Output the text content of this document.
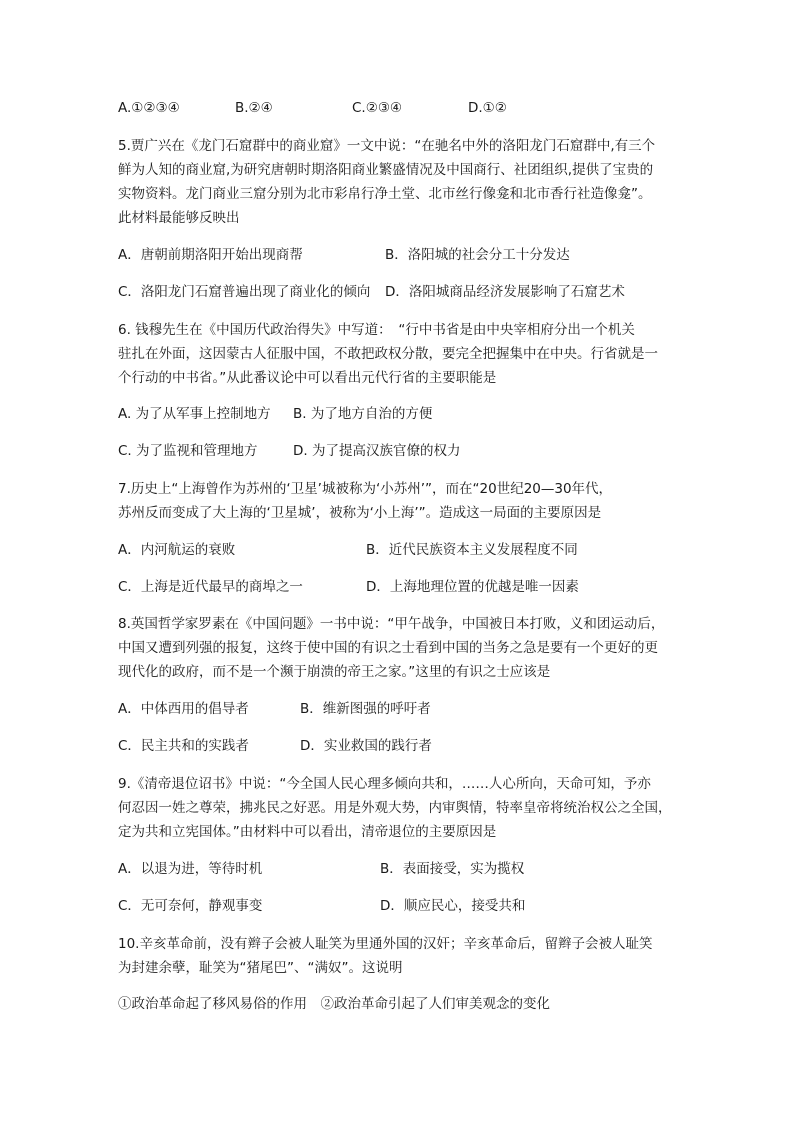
A.①②③④	B.②④	C.②③④	D.①②
5.贾广兴在《龙门石窟群中的商业窟》一文中说：“在驰名中外的洛阳龙门石窟群中,有三个
鲜为人知的商业窟,为研究唐朝时期洛阳商业繁盛情况及中国商行、社团组织,提供了宝贵的
实物资料。龙门商业三窟分别为北市彩帛行净土堂、北市丝行像龛和北市香行社造像龛”。
此材料最能够反映出
A．唐朝前期洛阳开始出现商帮	B．洛阳城的社会分工十分发达
C．洛阳龙门石窟普遍出现了商业化的倾向 D．洛阳城商品经济发展影响了石窟艺术
6. 钱穆先生在《中国历代政治得失》中写道：　“行中书省是由中央宰相府分出一个机关
驻扎在外面，这因蒙古人征服中国，不敢把政权分散，要完全把握集中在中央。行省就是一
个行动的中书省。”从此番议论中可以看出元代行省的主要职能是
A. 为了从军事上控制地方 B. 为了地方自治的方便
C. 为了监视和管理地方	D. 为了提高汉族官僚的权力
7.历史上“上海曾作为苏州的‘卫星’城被称为‘小苏州’”，而在“20世纪20—30年代，
苏州反而变成了大上海的‘卫星城’，被称为‘小上海’”。造成这一局面的主要原因是
A．内河航运的衰败	B．近代民族资本主义发展程度不同
C．上海是近代最早的商埠之一	D．上海地理位置的优越是唯一因素
8.英国哲学家罗素在《中国问题》一书中说：“甲午战争，中国被日本打败，义和团运动后，
中国又遭到列强的报复，这终于使中国的有识之士看到中国的当务之急是要有一个更好的更
现代化的政府，而不是一个濒于崩溃的帝王之家。”这里的有识之士应该是
A．中体西用的倡导者	B．维新图强的呼吁者
C．民主共和的实践者	D．实业救国的践行者
9.《清帝退位诏书》中说：“今全国人民心理多倾向共和，……人心所向，天命可知，予亦
何忍因一姓之尊荣，拂兆民之好恶。用是外观大势，内审舆情，特率皇帝将统治权公之全国，
定为共和立宪国体。”由材料中可以看出，清帝退位的主要原因是
A．以退为进，等待时机	B．表面接受，实为揽权
C．无可奈何，静观事变	D．顺应民心，接受共和
10.辛亥革命前，没有辫子会被人耻笑为里通外国的汉奸；辛亥革命后，留辫子会被人耻笑
为封建余孽，耻笑为“猪尾巴”、“满奴”。这说明
①政治革命起了移风易俗的作用　②政治革命引起了人们审美观念的变化
